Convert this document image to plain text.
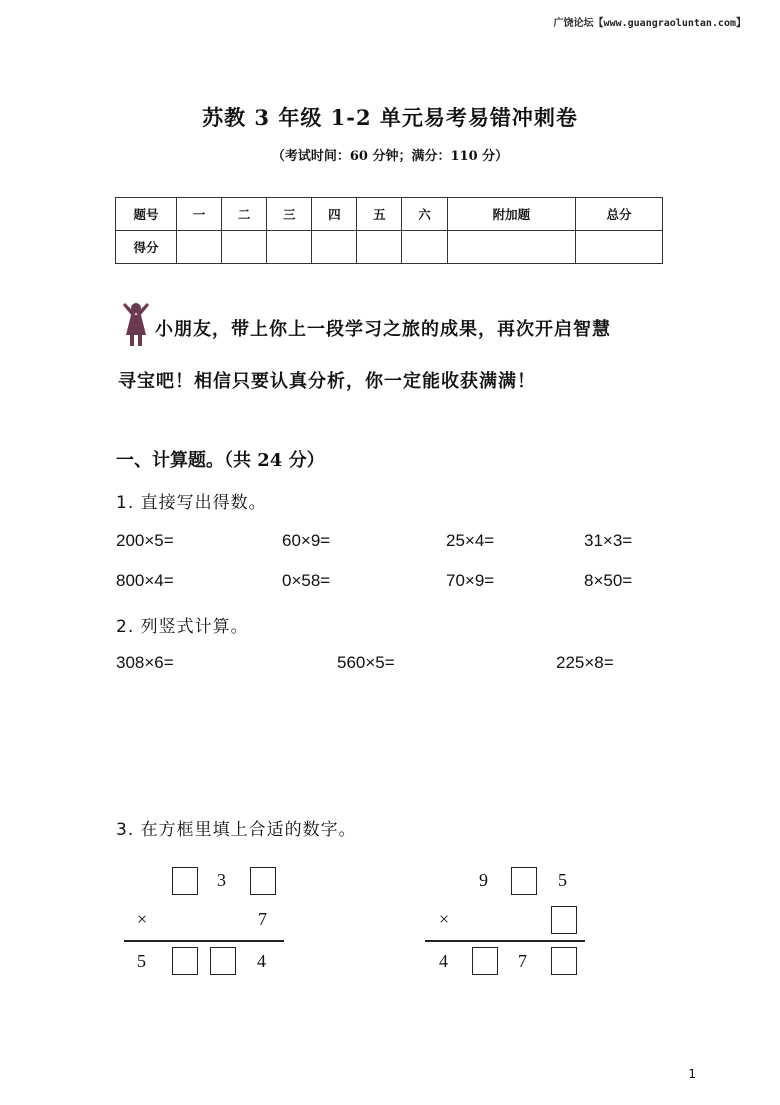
广饶论坛【www.guangraoluntan.com】
苏教 3 年级 1-2 单元易考易错冲刺卷
（考试时间：60 分钟；满分：110 分）
题号	一	二	三	四	五	六	附加题	总分
得分								
小朋友，带上你上一段学习之旅的成果，再次开启智慧
寻宝吧！相信只要认真分析，你一定能收获满满！
一、计算题。（共 24 分）
1. 直接写出得数。
200×5=	60×9=	25×4=	31×3=
800×4=	0×58=	70×9=	8×50=
2. 列竖式计算。
308×6=	560×5=	225×8=
3. 在方框里填上合适的数字。
3
×	7
5	4
9	5
×
4	7
1
